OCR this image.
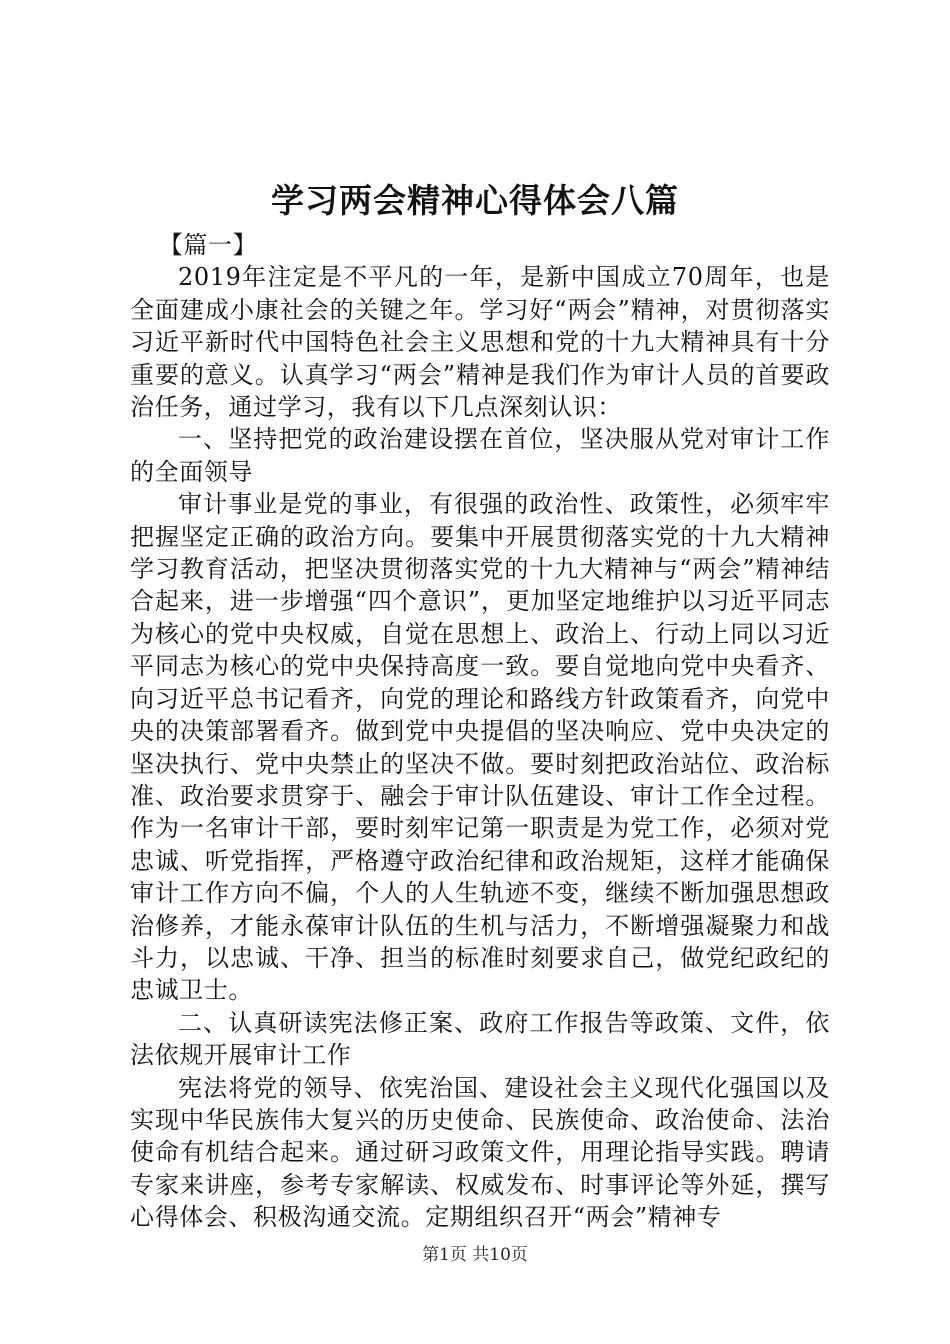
学习两会精神心得体会八篇

【篇一】

2019年注定是不平凡的一年，是新中国成立70周年，也是全面建成小康社会的关键之年。学习好“两会”精神，对贯彻落实习近平新时代中国特色社会主义思想和党的十九大精神具有十分重要的意义。认真学习“两会”精神是我们作为审计人员的首要政治任务，通过学习，我有以下几点深刻认识：

一、坚持把党的政治建设摆在首位，坚决服从党对审计工作的全面领导

审计事业是党的事业，有很强的政治性、政策性，必须牢牢把握坚定正确的政治方向。要集中开展贯彻落实党的十九大精神学习教育活动，把坚决贯彻落实党的十九大精神与“两会”精神结合起来，进一步增强“四个意识”，更加坚定地维护以习近平同志为核心的党中央权威，自觉在思想上、政治上、行动上同以习近平同志为核心的党中央保持高度一致。要自觉地向党中央看齐、向习近平总书记看齐，向党的理论和路线方针政策看齐，向党中央的决策部署看齐。做到党中央提倡的坚决响应、党中央决定的坚决执行、党中央禁止的坚决不做。要时刻把政治站位、政治标准、政治要求贯穿于、融会于审计队伍建设、审计工作全过程。作为一名审计干部，要时刻牢记第一职责是为党工作，必须对党忠诚、听党指挥，严格遵守政治纪律和政治规矩，这样才能确保审计工作方向不偏，个人的人生轨迹不变，继续不断加强思想政治修养，才能永葆审计队伍的生机与活力，不断增强凝聚力和战斗力，以忠诚、干净、担当的标准时刻要求自己，做党纪政纪的忠诚卫士。

二、认真研读宪法修正案、政府工作报告等政策、文件，依法依规开展审计工作

宪法将党的领导、依宪治国、建设社会主义现代化强国以及实现中华民族伟大复兴的历史使命、民族使命、政治使命、法治使命有机结合起来。通过研习政策文件，用理论指导实践。聘请专家来讲座，参考专家解读、权威发布、时事评论等外延，撰写心得体会、积极沟通交流。定期组织召开“两会”精神专

第1页 共10页
